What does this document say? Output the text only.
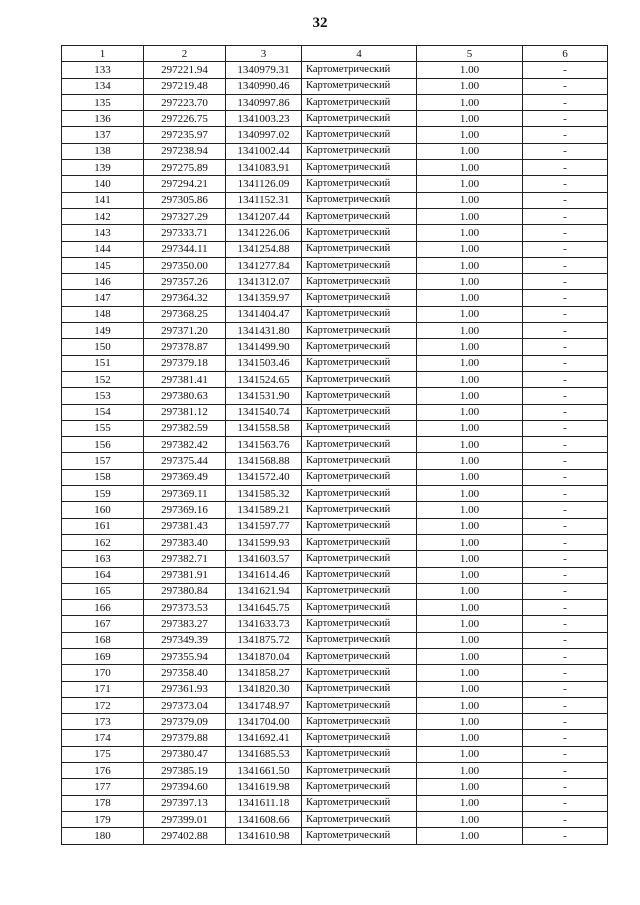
32
1	2	3	4	5	6
133	297221.94	1340979.31	Картометрический	1.00	-
134	297219.48	1340990.46	Картометрический	1.00	-
135	297223.70	1340997.86	Картометрический	1.00	-
136	297226.75	1341003.23	Картометрический	1.00	-
137	297235.97	1340997.02	Картометрический	1.00	-
138	297238.94	1341002.44	Картометрический	1.00	-
139	297275.89	1341083.91	Картометрический	1.00	-
140	297294.21	1341126.09	Картометрический	1.00	-
141	297305.86	1341152.31	Картометрический	1.00	-
142	297327.29	1341207.44	Картометрический	1.00	-
143	297333.71	1341226.06	Картометрический	1.00	-
144	297344.11	1341254.88	Картометрический	1.00	-
145	297350.00	1341277.84	Картометрический	1.00	-
146	297357.26	1341312.07	Картометрический	1.00	-
147	297364.32	1341359.97	Картометрический	1.00	-
148	297368.25	1341404.47	Картометрический	1.00	-
149	297371.20	1341431.80	Картометрический	1.00	-
150	297378.87	1341499.90	Картометрический	1.00	-
151	297379.18	1341503.46	Картометрический	1.00	-
152	297381.41	1341524.65	Картометрический	1.00	-
153	297380.63	1341531.90	Картометрический	1.00	-
154	297381.12	1341540.74	Картометрический	1.00	-
155	297382.59	1341558.58	Картометрический	1.00	-
156	297382.42	1341563.76	Картометрический	1.00	-
157	297375.44	1341568.88	Картометрический	1.00	-
158	297369.49	1341572.40	Картометрический	1.00	-
159	297369.11	1341585.32	Картометрический	1.00	-
160	297369.16	1341589.21	Картометрический	1.00	-
161	297381.43	1341597.77	Картометрический	1.00	-
162	297383.40	1341599.93	Картометрический	1.00	-
163	297382.71	1341603.57	Картометрический	1.00	-
164	297381.91	1341614.46	Картометрический	1.00	-
165	297380.84	1341621.94	Картометрический	1.00	-
166	297373.53	1341645.75	Картометрический	1.00	-
167	297383.27	1341633.73	Картометрический	1.00	-
168	297349.39	1341875.72	Картометрический	1.00	-
169	297355.94	1341870.04	Картометрический	1.00	-
170	297358.40	1341858.27	Картометрический	1.00	-
171	297361.93	1341820.30	Картометрический	1.00	-
172	297373.04	1341748.97	Картометрический	1.00	-
173	297379.09	1341704.00	Картометрический	1.00	-
174	297379.88	1341692.41	Картометрический	1.00	-
175	297380.47	1341685.53	Картометрический	1.00	-
176	297385.19	1341661.50	Картометрический	1.00	-
177	297394.60	1341619.98	Картометрический	1.00	-
178	297397.13	1341611.18	Картометрический	1.00	-
179	297399.01	1341608.66	Картометрический	1.00	-
180	297402.88	1341610.98	Картометрический	1.00	-
